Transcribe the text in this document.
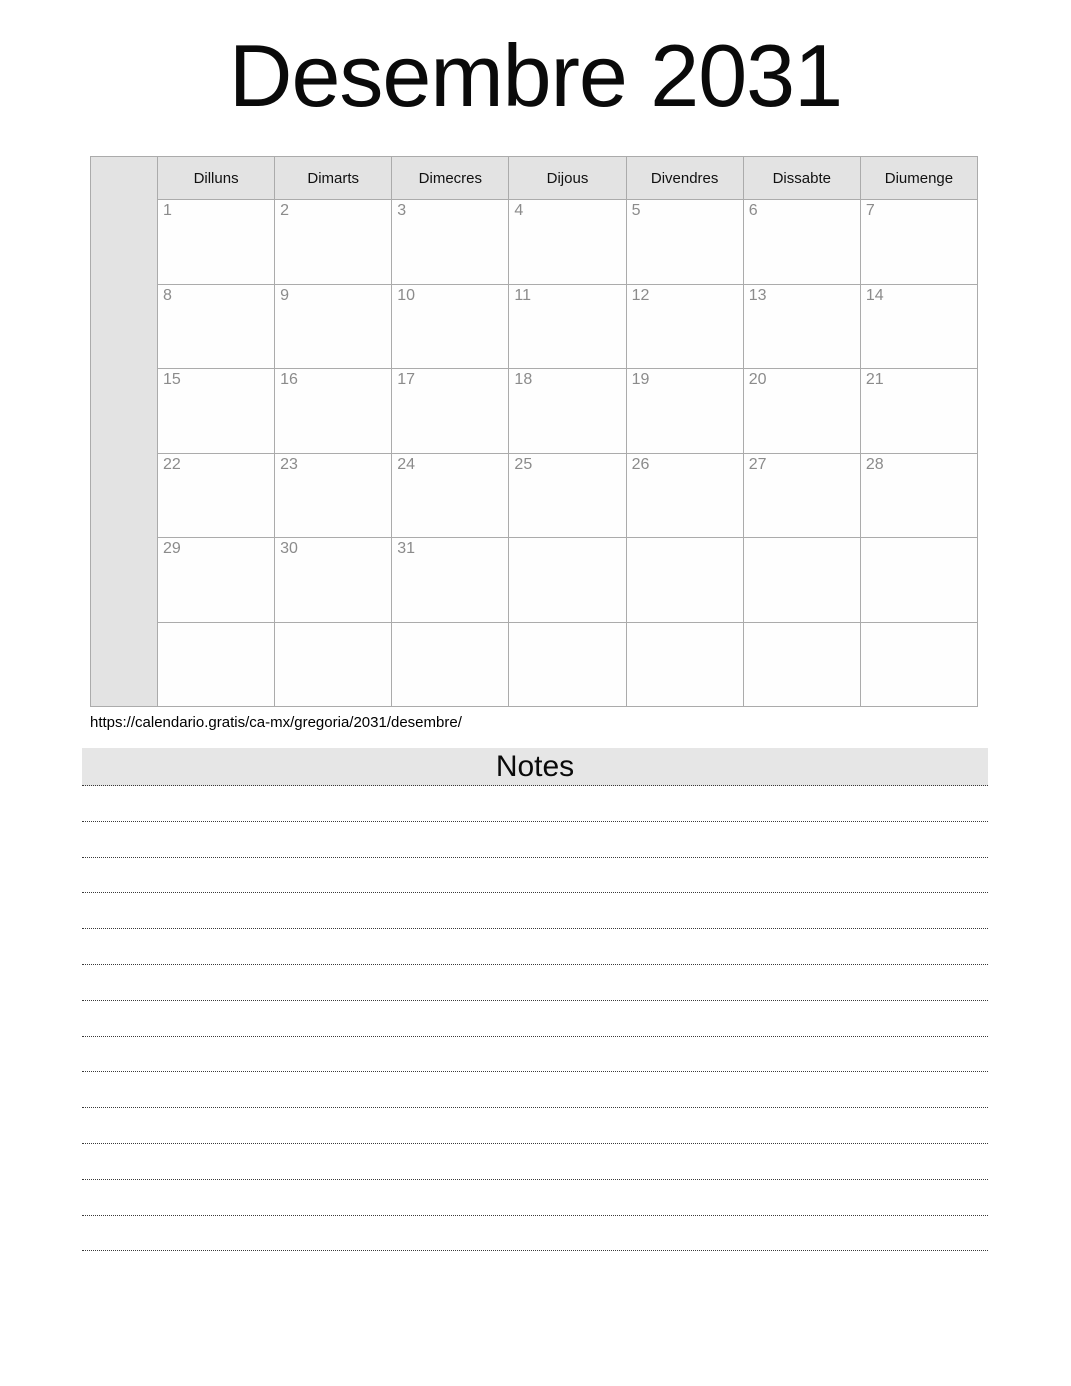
Desembre 2031
	Dilluns	Dimarts	Dimecres	Dijous	Divendres	Dissabte	Diumenge
	1	2	3	4	5	6	7
	8	9	10	11	12	13	14
	15	16	17	18	19	20	21
	22	23	24	25	26	27	28
	29	30	31				

https://calendario.gratis/ca-mx/gregoria/2031/desembre/
Notes
